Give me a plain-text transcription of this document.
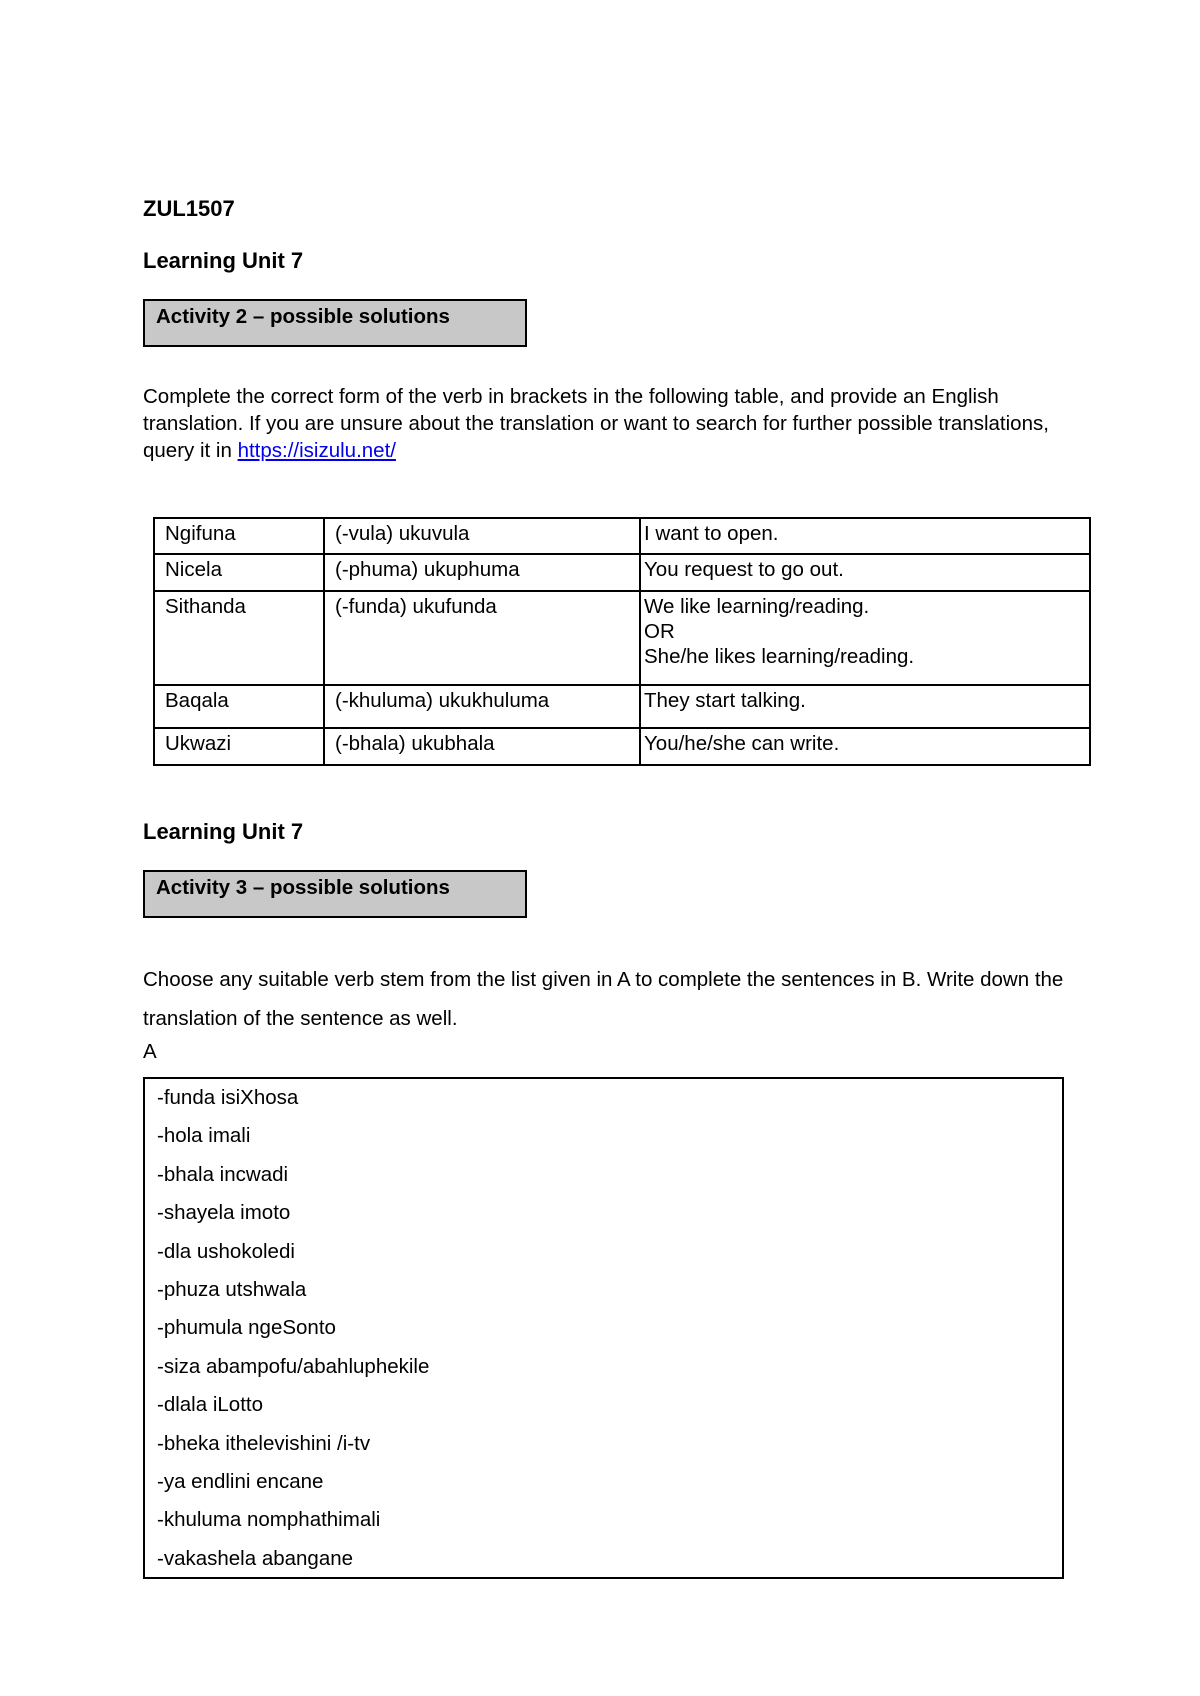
ZUL1507
Learning Unit 7
Activity 2 – possible solutions
Complete the correct form of the verb in brackets in the following table, and provide an English translation. If you are unsure about the translation or want to search for further possible translations, query it in https://isizulu.net/
Ngifuna	(-vula) ukuvula	I want to open.

Nicela	(-phuma) ukuphuma	You request to go out.

Sithanda	(-funda) ukufunda	We like learning/reading.
OR
She/he likes learning/reading.

Baqala	(-khuluma) ukukhuluma	They start talking.

Ukwazi	(-bhala) ukubhala	You/he/she can write.
Learning Unit 7
Activity 3 – possible solutions
Choose any suitable verb stem from the list given in A to complete the sentences in B. Write down the translation of the sentence as well.
A
-funda isiXhosa
-hola imali
-bhala incwadi
-shayela imoto
-dla ushokoledi
-phuza utshwala
-phumula ngeSonto
-siza abampofu/abahluphekile
-dlala iLotto
-bheka ithelevishini /i-tv
-ya endlini encane
-khuluma nomphathimali
-vakashela abangane
